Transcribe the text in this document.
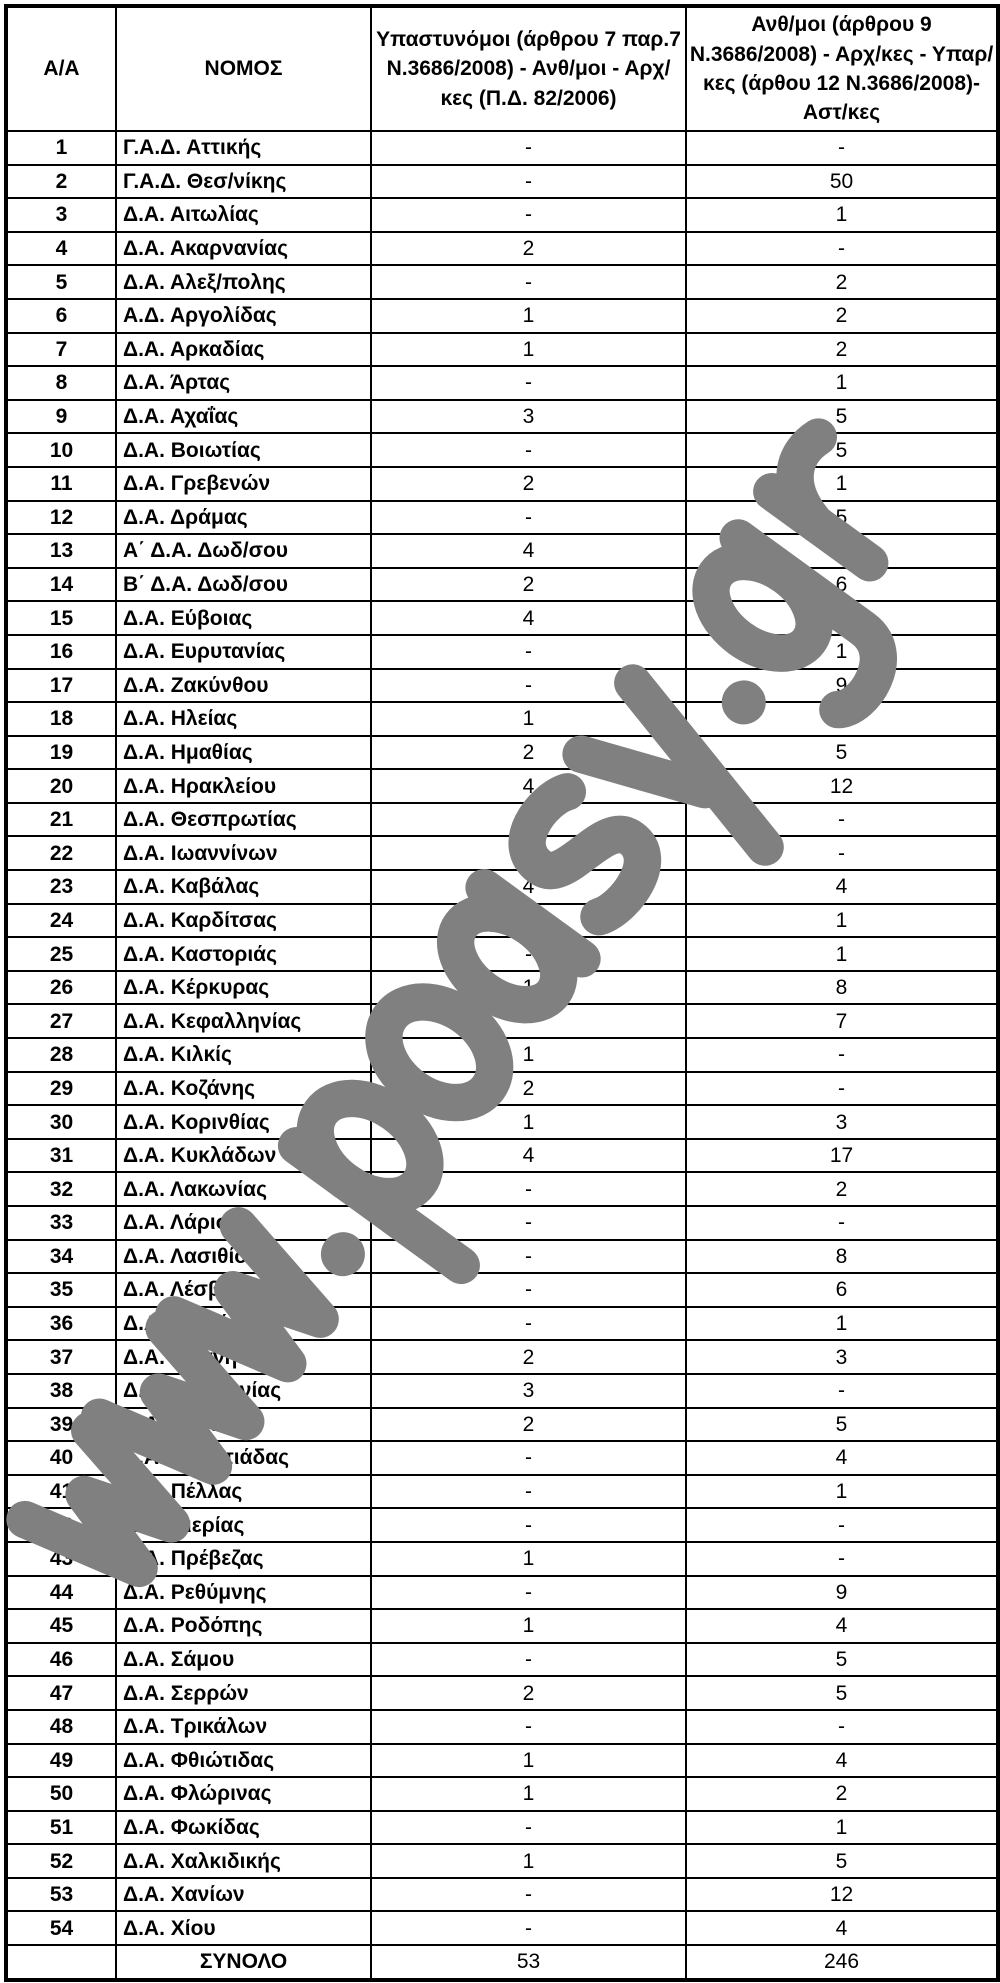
Α/Α	ΝΟΜΟΣ	Υπαστυνόμοι (άρθρου 7 παρ.7 Ν.3686/2008) - Ανθ/μοι - Αρχ/κες (Π.Δ. 82/2006)	Ανθ/μοι (άρθρου 9 Ν.3686/2008) - Αρχ/κες - Υπαρ/κες (άρθου 12 Ν.3686/2008)- Αστ/κες
1	Γ.Α.Δ. Αττικής	-	-
2	Γ.Α.Δ. Θεσ/νίκης	-	50
3	Δ.Α. Αιτωλίας	-	1
4	Δ.Α. Ακαρνανίας	2	-
5	Δ.Α. Αλεξ/πολης	-	2
6	Α.Δ. Αργολίδας	1	2
7	Δ.Α. Αρκαδίας	1	2
8	Δ.Α. Άρτας	-	1
9	Δ.Α. Αχαΐας	3	5
10	Δ.Α. Βοιωτίας	-	5
11	Δ.Α. Γρεβενών	2	1
12	Δ.Α. Δράμας	-	5
13	Α΄ Δ.Α. Δωδ/σου	4	8
14	Β΄ Δ.Α. Δωδ/σου	2	6
15	Δ.Α. Εύβοιας	4	8
16	Δ.Α. Ευρυτανίας	-	1
17	Δ.Α. Ζακύνθου	-	9
18	Δ.Α. Ηλείας	1	1
19	Δ.Α. Ημαθίας	2	5
20	Δ.Α. Ηρακλείου	4	12
21	Δ.Α. Θεσπρωτίας	-	-
22	Δ.Α. Ιωαννίνων	-	-
23	Δ.Α. Καβάλας	4	4
24	Δ.Α. Καρδίτσας	-	1
25	Δ.Α. Καστοριάς	-	1
26	Δ.Α. Κέρκυρας	1	8
27	Δ.Α. Κεφαλληνίας	-	7
28	Δ.Α. Κιλκίς	1	-
29	Δ.Α. Κοζάνης	2	-
30	Δ.Α. Κορινθίας	1	3
31	Δ.Α. Κυκλάδων	4	17
32	Δ.Α. Λακωνίας	-	2
33	Δ.Α. Λάρισας	-	-
34	Δ.Α. Λασιθίου	-	8
35	Δ.Α. Λέσβου	-	6
36	Δ.Α. Λευκάδας	-	1
37	Δ.Α. Μαγνησίας	2	3
38	Δ.Α. Μεσσηνίας	3	-
39	Δ.Α. Ξάνθης	2	5
40	Δ.Α. Ορεστιάδας	-	4
41	Δ.Α. Πέλλας	-	1
42	Δ.Α. Πιερίας	-	-
43	Δ.Α. Πρέβεζας	1	-
44	Δ.Α. Ρεθύμνης	-	9
45	Δ.Α. Ροδόπης	1	4
46	Δ.Α. Σάμου	-	5
47	Δ.Α. Σερρών	2	5
48	Δ.Α. Τρικάλων	-	-
49	Δ.Α. Φθιώτιδας	1	4
50	Δ.Α. Φλώρινας	1	2
51	Δ.Α. Φωκίδας	-	1
52	Δ.Α. Χαλκιδικής	1	5
53	Δ.Α. Χανίων	-	12
54	Δ.Α. Χίου	-	4
	ΣΥΝΟΛΟ	53	246
